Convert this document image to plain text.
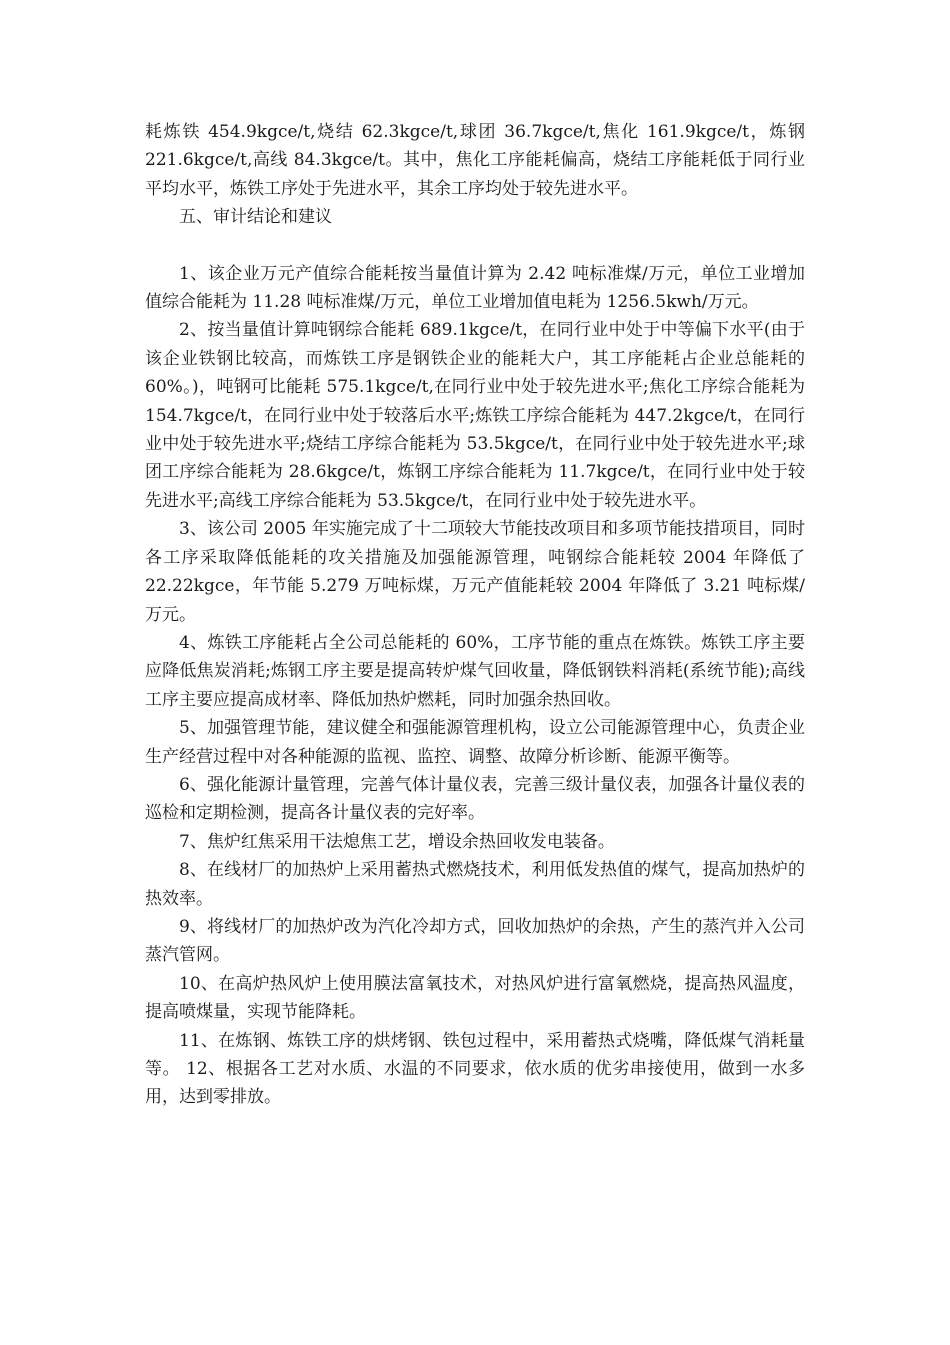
耗炼铁 454.9kgce/t,烧结 62.3kgce/t,球团 36.7kgce/t,焦化 161.9kgce/t，炼钢 221.6kgce/t,高线 84.3kgce/t。其中，焦化工序能耗偏高，烧结工序能耗低于同行业平均水平，炼铁工序处于先进水平，其余工序均处于较先进水平。

五、审计结论和建议

1、该企业万元产值综合能耗按当量值计算为 2.42 吨标准煤/万元，单位工业增加值综合能耗为 11.28 吨标准煤/万元，单位工业增加值电耗为 1256.5kwh/万元。

2、按当量值计算吨钢综合能耗 689.1kgce/t，在同行业中处于中等偏下水平(由于该企业铁钢比较高，而炼铁工序是钢铁企业的能耗大户，其工序能耗占企业总能耗的 60%。)，吨钢可比能耗 575.1kgce/t,在同行业中处于较先进水平;焦化工序综合能耗为 154.7kgce/t，在同行业中处于较落后水平;炼铁工序综合能耗为 447.2kgce/t，在同行业中处于较先进水平;烧结工序综合能耗为 53.5kgce/t，在同行业中处于较先进水平;球团工序综合能耗为 28.6kgce/t，炼钢工序综合能耗为 11.7kgce/t，在同行业中处于较先进水平;高线工序综合能耗为 53.5kgce/t，在同行业中处于较先进水平。

3、该公司 2005 年实施完成了十二项较大节能技改项目和多项节能技措项目，同时各工序采取降低能耗的攻关措施及加强能源管理，吨钢综合能耗较 2004 年降低了 22.22kgce，年节能 5.279 万吨标煤，万元产值能耗较 2004 年降低了 3.21 吨标煤/万元。

4、炼铁工序能耗占全公司总能耗的 60%，工序节能的重点在炼铁。炼铁工序主要应降低焦炭消耗;炼钢工序主要是提高转炉煤气回收量，降低钢铁料消耗(系统节能);高线工序主要应提高成材率、降低加热炉燃耗，同时加强余热回收。

5、加强管理节能，建议健全和强能源管理机构，设立公司能源管理中心，负责企业生产经营过程中对各种能源的监视、监控、调整、故障分析诊断、能源平衡等。

6、强化能源计量管理，完善气体计量仪表，完善三级计量仪表，加强各计量仪表的巡检和定期检测，提高各计量仪表的完好率。

7、焦炉红焦采用干法熄焦工艺，增设余热回收发电装备。

8、在线材厂的加热炉上采用蓄热式燃烧技术，利用低发热值的煤气，提高加热炉的热效率。

9、将线材厂的加热炉改为汽化冷却方式，回收加热炉的余热，产生的蒸汽并入公司蒸汽管网。

10、在高炉热风炉上使用膜法富氧技术，对热风炉进行富氧燃烧，提高热风温度，提高喷煤量，实现节能降耗。

11、在炼钢、炼铁工序的烘烤钢、铁包过程中，采用蓄热式烧嘴，降低煤气消耗量等。 12、根据各工艺对水质、水温的不同要求，依水质的优劣串接使用，做到一水多用，达到零排放。
